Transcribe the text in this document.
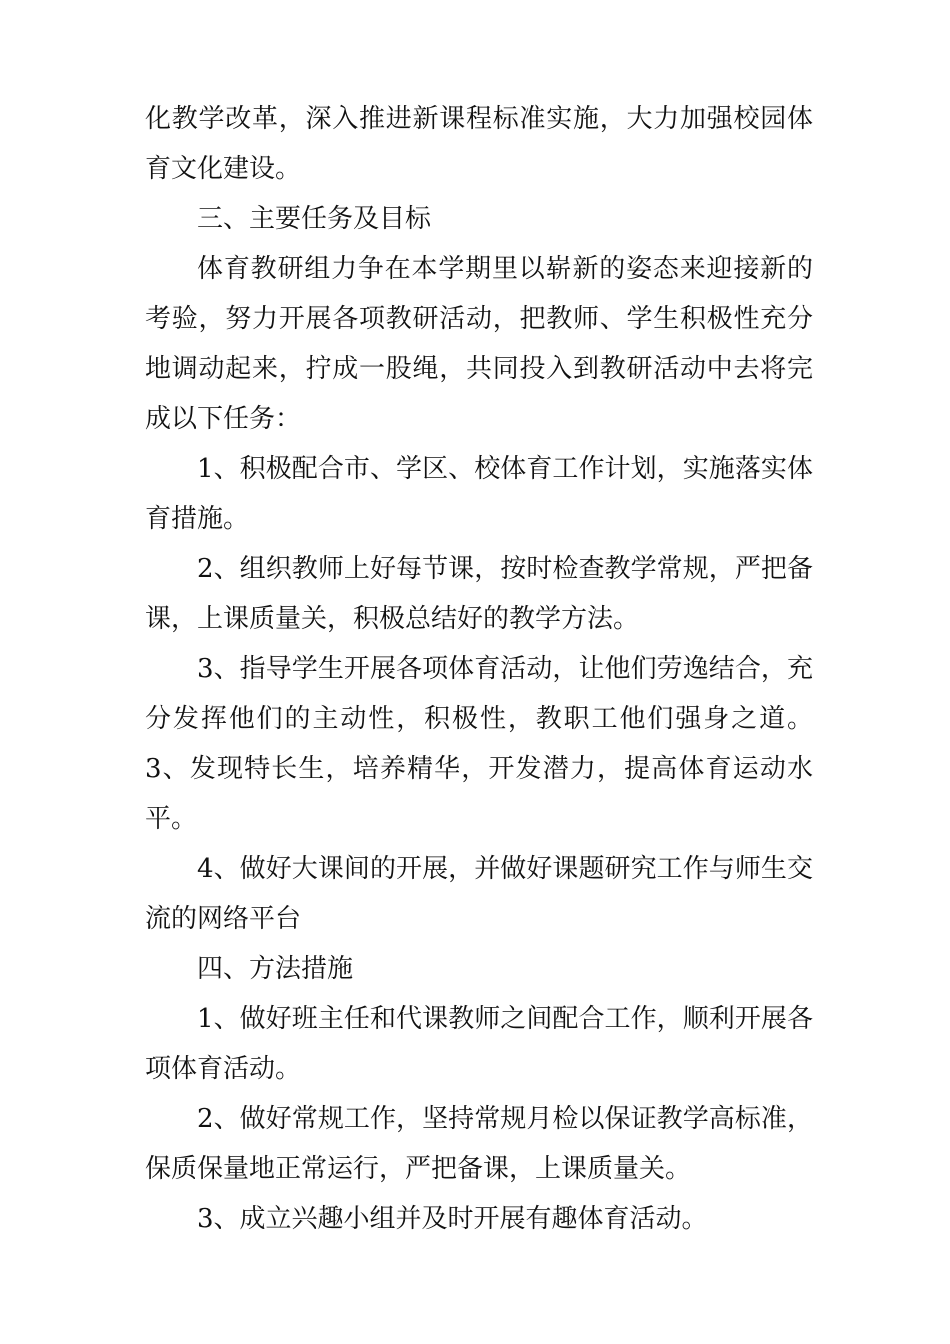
化教学改革，深入推进新课程标准实施，大力加强校园体育文化建设。

三、主要任务及目标

体育教研组力争在本学期里以崭新的姿态来迎接新的考验，努力开展各项教研活动，把教师、学生积极性充分地调动起来，拧成一股绳，共同投入到教研活动中去将完成以下任务：

1、积极配合市、学区、校体育工作计划，实施落实体育措施。

2、组织教师上好每节课，按时检查教学常规，严把备课，上课质量关，积极总结好的教学方法。

3、指导学生开展各项体育活动，让他们劳逸结合，充分发挥他们的主动性，积极性，教职工他们强身之道。 3、发现特长生，培养精华，开发潜力，提高体育运动水平。

4、做好大课间的开展，并做好课题研究工作与师生交流的网络平台

四、方法措施

1、做好班主任和代课教师之间配合工作，顺利开展各项体育活动。

2、做好常规工作，坚持常规月检以保证教学高标准，保质保量地正常运行，严把备课，上课质量关。

3、成立兴趣小组并及时开展有趣体育活动。
